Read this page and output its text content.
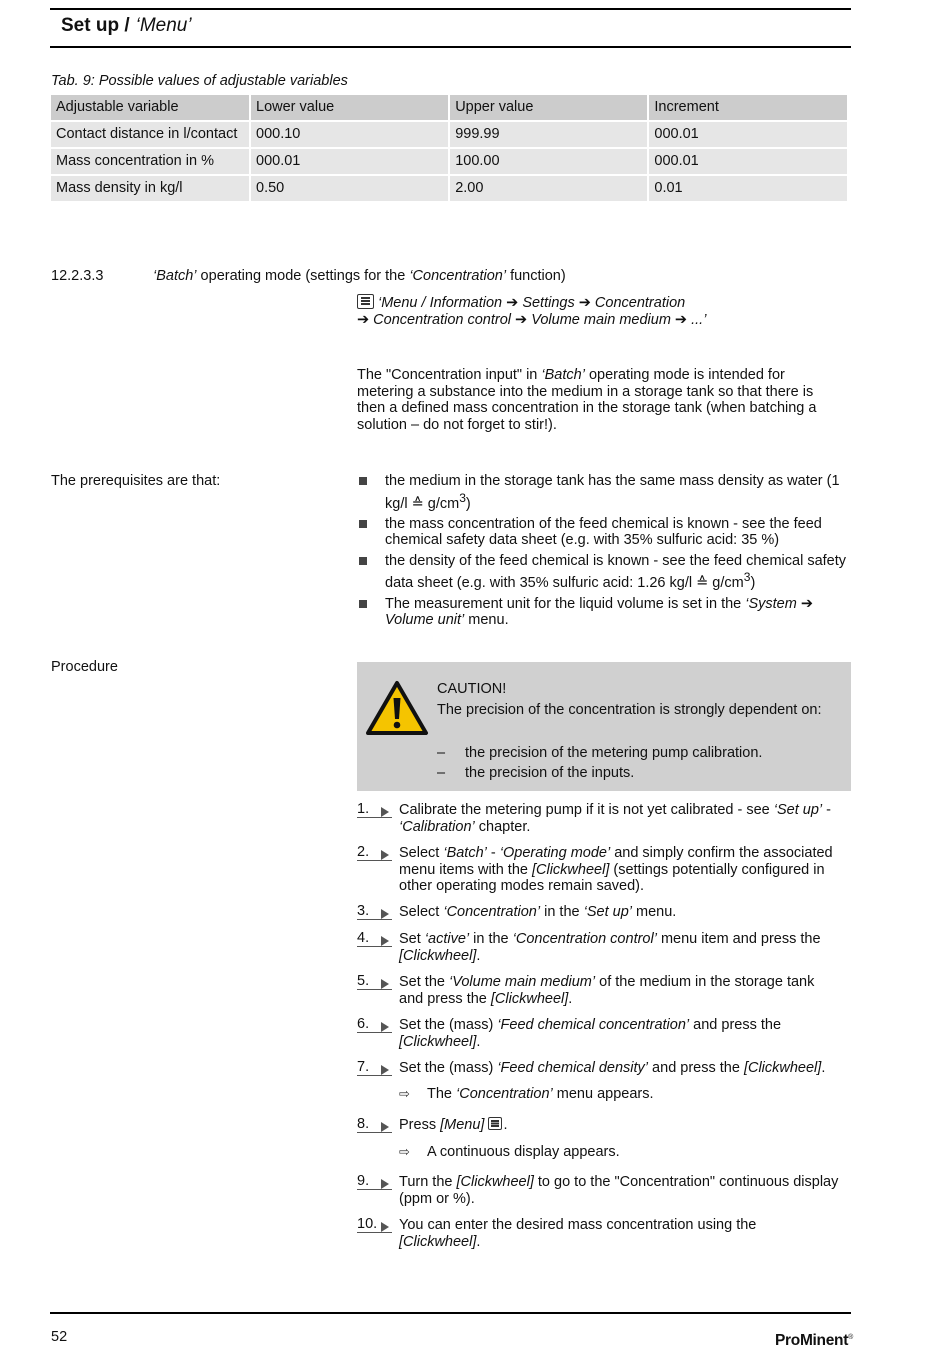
Set up / ‘Menu’
Tab. 9: Possible values of adjustable variables
Adjustable variable	Lower value	Upper value	Increment
Contact distance in l/contact	000.10	999.99	000.01
Mass concentration in %	000.01	100.00	000.01
Mass density in kg/l	0.50	2.00	0.01
12.2.3.3	‘Batch’ operating mode (settings for the ‘Concentration’ function)
‘Menu / Information ➔ Settings ➔ Concentration
➔ Concentration control ➔ Volume main medium ➔ ...’
The "Concentration input" in ‘Batch’ operating mode is intended for metering a substance into the medium in a storage tank so that there is then a defined mass concentration in the storage tank (when batching a solution – do not forget to stir!).
The prerequisites are that:	the medium in the storage tank has the same mass density as water (1 kg/l ≙ $g/cm^3$)
the mass concentration of the feed chemical is known - see the feed chemical safety data sheet (e.g. with 35% sulfuric acid: 35 %)
the density of the feed chemical is known - see the feed chemical safety data sheet (e.g. with 35% sulfuric acid: 1.26 kg/l ≙ $g/cm^3$)
The measurement unit for the liquid volume is set in the ‘System ➔ Volume unit’ menu.
Procedure
CAUTION!
The precision of the concentration is strongly dependent on:
– the precision of the metering pump calibration.
– the precision of the inputs.
1.	Calibrate the metering pump if it is not yet calibrated - see ‘Set up’ - ‘Calibration’ chapter.
2.	Select ‘Batch’ - ‘Operating mode’ and simply confirm the associated menu items with the [Clickwheel] (settings potentially configured in other operating modes remain saved).
3.	Select ‘Concentration’ in the ‘Set up’ menu.
4.	Set ‘active’ in the ‘Concentration control’ menu item and press the [Clickwheel].
5.	Set the ‘Volume main medium’ of the medium in the storage tank and press the [Clickwheel].
6.	Set the (mass) ‘Feed chemical concentration’ and press the [Clickwheel].
7.	Set the (mass) ‘Feed chemical density’ and press the [Clickwheel].
8.	Press [Menu] .
9.	Turn the [Clickwheel] to go to the "Concentration" continuous display (ppm or %).
10.	You can enter the desired mass concentration using the [Clickwheel].
⇨ The ‘Concentration’ menu appears.
⇨ A continuous display appears.
52	ProMinent®
